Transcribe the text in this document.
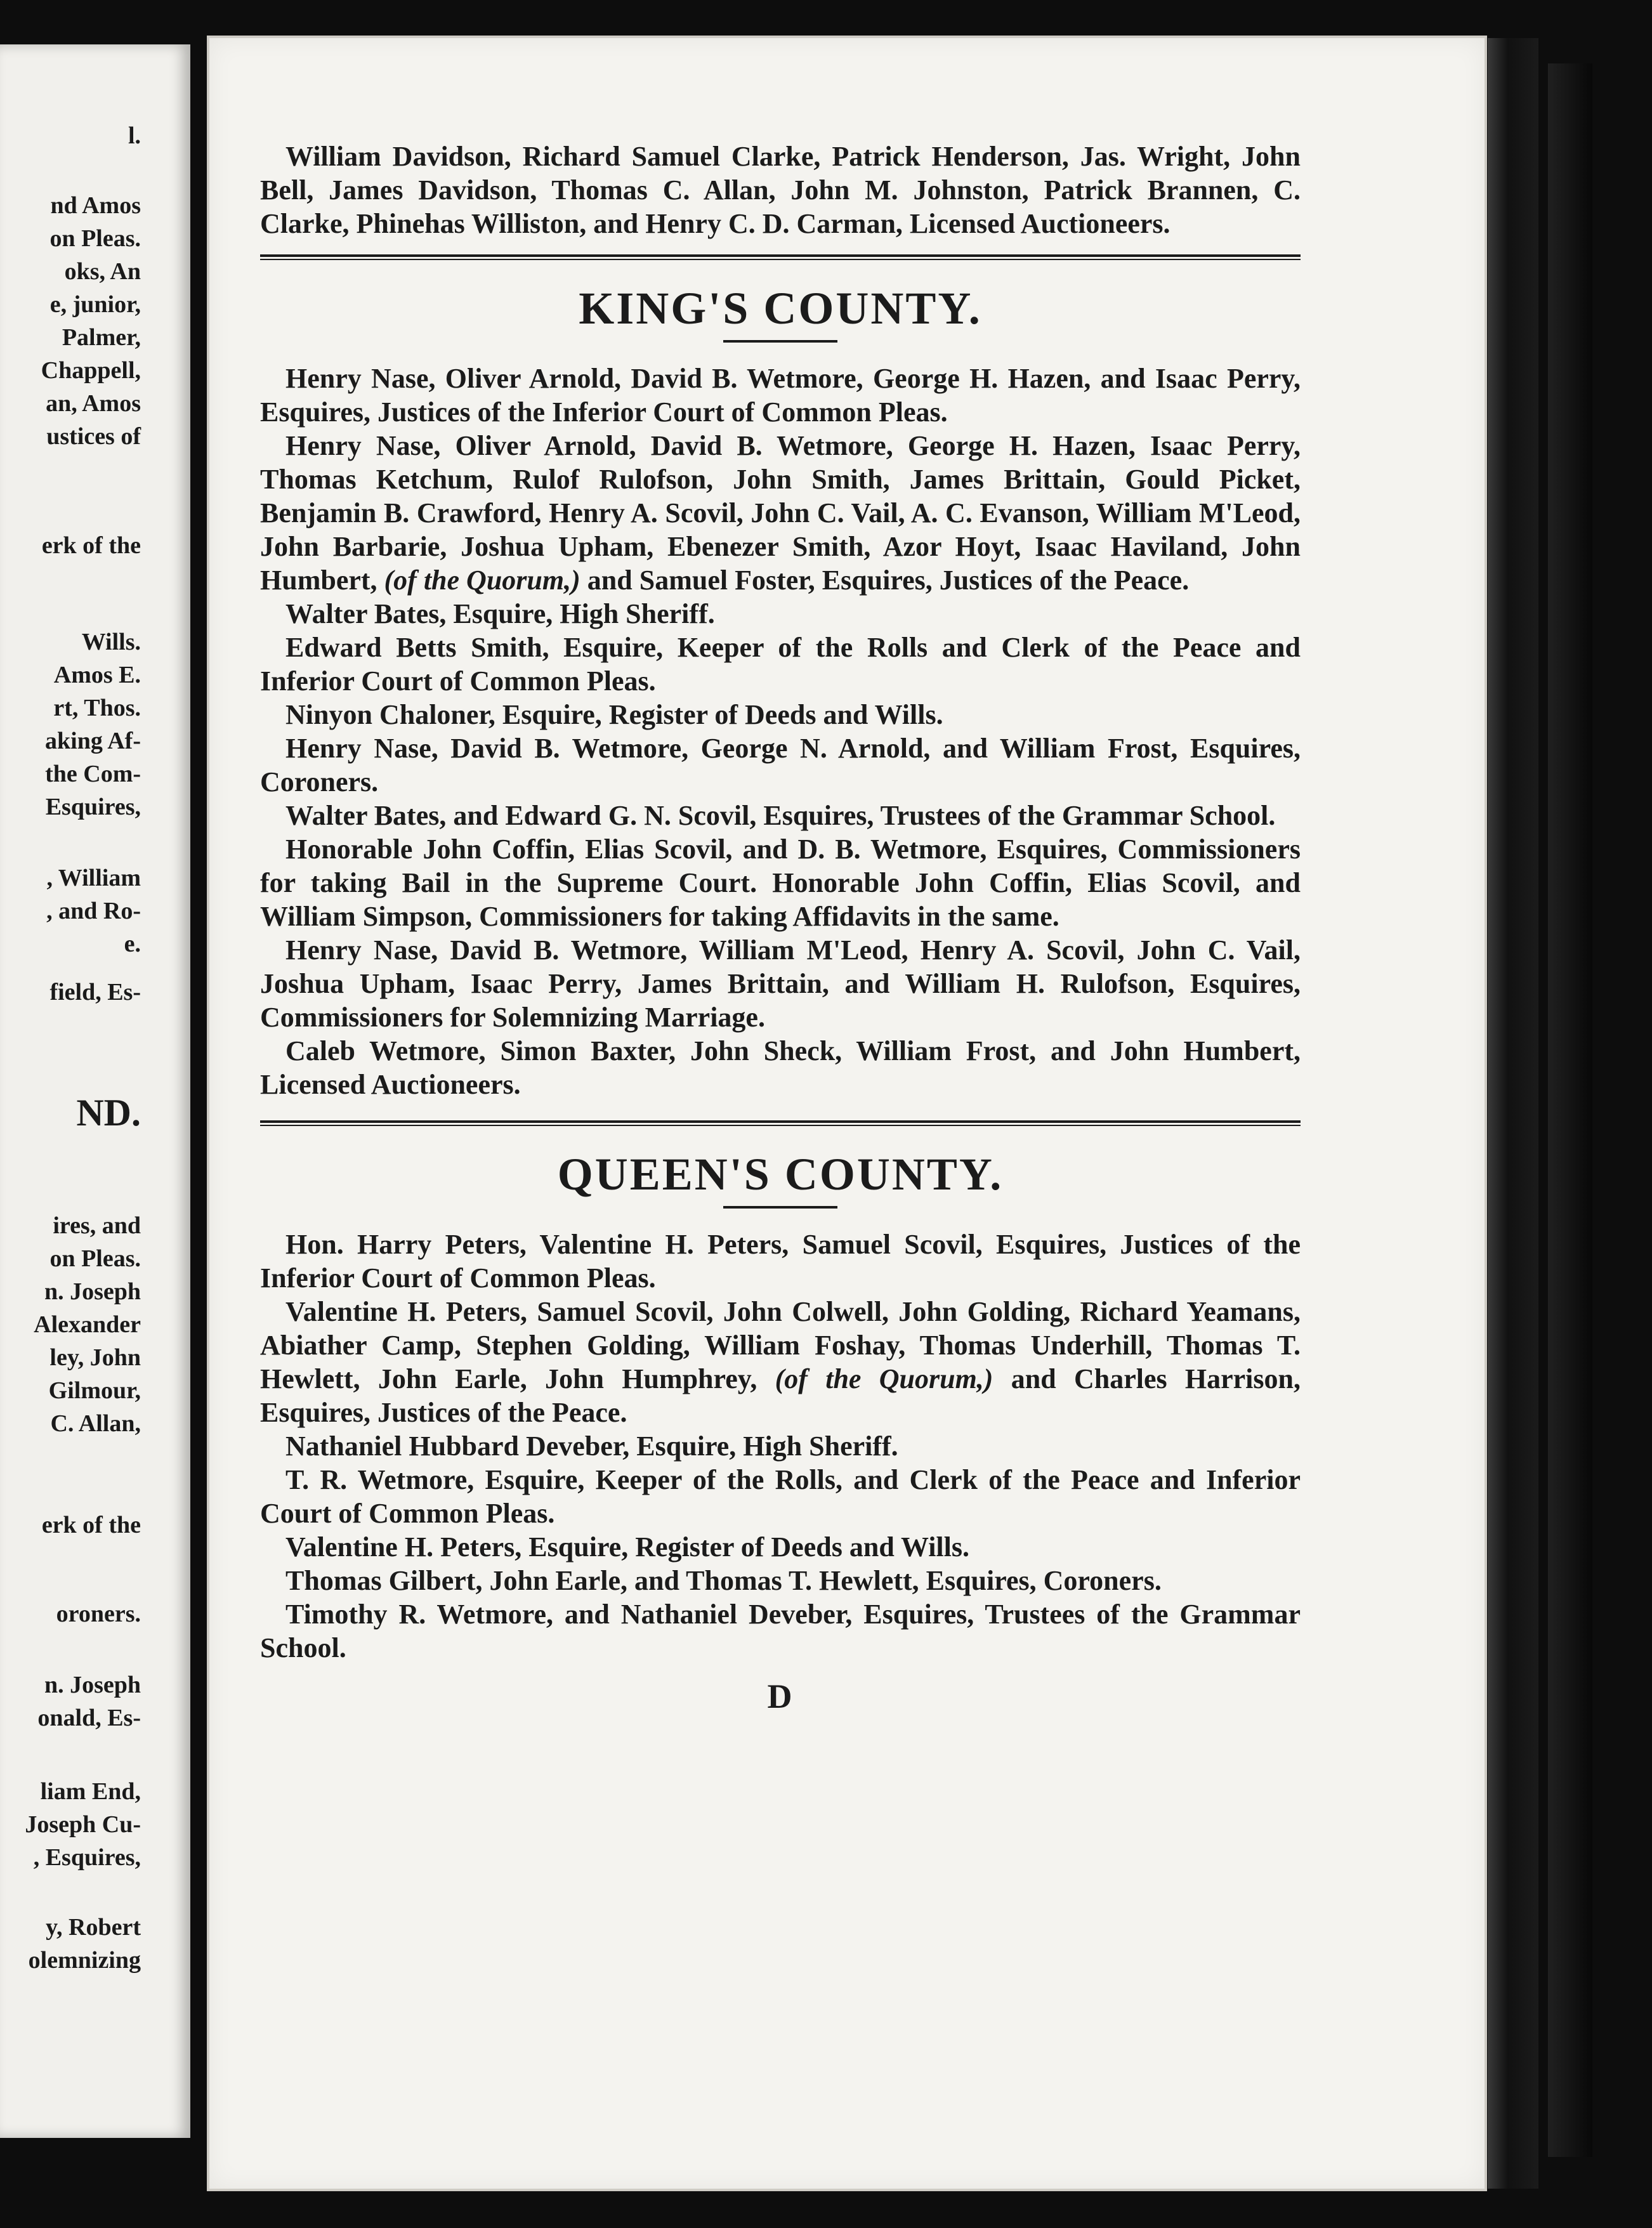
l.
nd Amos
on Pleas.
oks, An
e, junior,
Palmer,
Chappell,
an, Amos
ustices of
erk of the
Wills.
Amos E.
rt, Thos.
aking Af-
the Com-
Esquires,
, William
, and Ro-
e.
field, Es-
ires, and
on Pleas.
n. Joseph
Alexander
ley, John
Gilmour,
C. Allan,
erk of the
oroners.
n. Joseph
onald, Es-
liam End,
Joseph Cu-
, Esquires,
y, Robert
olemnizing
ND.

William Davidson, Richard Samuel Clarke, Patrick Henderson, Jas. Wright, John Bell, James Davidson, Thomas C. Allan, John M. Johnston, Patrick Brannen, C. Clarke, Phinehas Williston, and Henry C. D. Carman, Licensed Auctioneers.

KING'S COUNTY.

Henry Nase, Oliver Arnold, David B. Wetmore, George H. Hazen, and Isaac Perry, Esquires, Justices of the Inferior Court of Common Pleas.

Henry Nase, Oliver Arnold, David B. Wetmore, George H. Hazen, Isaac Perry, Thomas Ketchum, Rulof Rulofson, John Smith, James Brittain, Gould Picket, Benjamin B. Crawford, Henry A. Scovil, John C. Vail, A. C. Evanson, William M'Leod, John Barbarie, Joshua Upham, Ebenezer Smith, Azor Hoyt, Isaac Haviland, John Humbert, (of the Quorum,) and Samuel Foster, Esquires, Justices of the Peace.

Walter Bates, Esquire, High Sheriff.

Edward Betts Smith, Esquire, Keeper of the Rolls and Clerk of the Peace and Inferior Court of Common Pleas.

Ninyon Chaloner, Esquire, Register of Deeds and Wills.

Henry Nase, David B. Wetmore, George N. Arnold, and William Frost, Esquires, Coroners.

Walter Bates, and Edward G. N. Scovil, Esquires, Trustees of the Grammar School.

Honorable John Coffin, Elias Scovil, and D. B. Wetmore, Esquires, Commissioners for taking Bail in the Supreme Court. Honorable John Coffin, Elias Scovil, and William Simpson, Commissioners for taking Affidavits in the same.

Henry Nase, David B. Wetmore, William M'Leod, Henry A. Scovil, John C. Vail, Joshua Upham, Isaac Perry, James Brittain, and William H. Rulofson, Esquires, Commissioners for Solemnizing Marriage.

Caleb Wetmore, Simon Baxter, John Sheck, William Frost, and John Humbert, Licensed Auctioneers.

QUEEN'S COUNTY.

Hon. Harry Peters, Valentine H. Peters, Samuel Scovil, Esquires, Justices of the Inferior Court of Common Pleas.

Valentine H. Peters, Samuel Scovil, John Colwell, John Golding, Richard Yeamans, Abiather Camp, Stephen Golding, William Foshay, Thomas Underhill, Thomas T. Hewlett, John Earle, John Humphrey, (of the Quorum,) and Charles Harrison, Esquires, Justices of the Peace.

Nathaniel Hubbard Deveber, Esquire, High Sheriff.

T. R. Wetmore, Esquire, Keeper of the Rolls, and Clerk of the Peace and Inferior Court of Common Pleas.

Valentine H. Peters, Esquire, Register of Deeds and Wills.

Thomas Gilbert, John Earle, and Thomas T. Hewlett, Esquires, Coroners.

Timothy R. Wetmore, and Nathaniel Deveber, Esquires, Trustees of the Grammar School.

D
